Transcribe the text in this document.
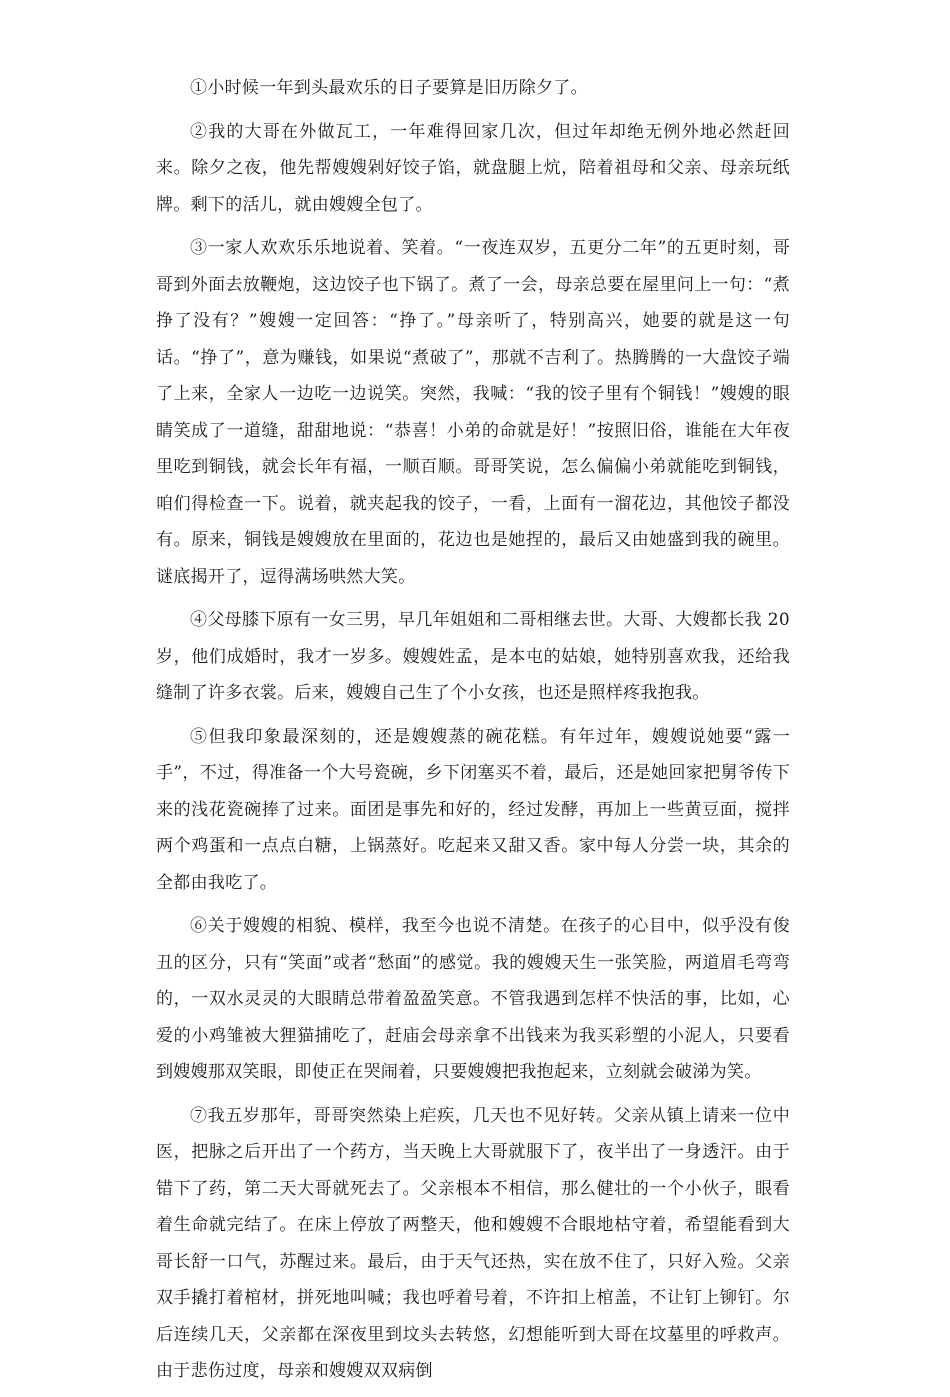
①小时候一年到头最欢乐的日子要算是旧历除夕了。

②我的大哥在外做瓦工，一年难得回家几次，但过年却绝无例外地必然赶回来。除夕之夜，他先帮嫂嫂剁好饺子馅，就盘腿上炕，陪着祖母和父亲、母亲玩纸牌。剩下的活儿，就由嫂嫂全包了。

③一家人欢欢乐乐地说着、笑着。“一夜连双岁，五更分二年”的五更时刻，哥哥到外面去放鞭炮，这边饺子也下锅了。煮了一会，母亲总要在屋里问上一句：“煮挣了没有？”嫂嫂一定回答：“挣了。”母亲听了，特别高兴，她要的就是这一句话。“挣了”，意为赚钱，如果说“煮破了”，那就不吉利了。热腾腾的一大盘饺子端了上来，全家人一边吃一边说笑。突然，我喊：“我的饺子里有个铜钱！”嫂嫂的眼睛笑成了一道缝，甜甜地说：“恭喜！小弟的命就是好！”按照旧俗，谁能在大年夜里吃到铜钱，就会长年有福，一顺百顺。哥哥笑说，怎么偏偏小弟就能吃到铜钱，咱们得检查一下。说着，就夹起我的饺子，一看，上面有一溜花边，其他饺子都没有。原来，铜钱是嫂嫂放在里面的，花边也是她捏的，最后又由她盛到我的碗里。谜底揭开了，逗得满场哄然大笑。

④父母膝下原有一女三男，早几年姐姐和二哥相继去世。大哥、大嫂都长我 20 岁，他们成婚时，我才一岁多。嫂嫂姓孟，是本屯的姑娘，她特别喜欢我，还给我缝制了许多衣裳。后来，嫂嫂自己生了个小女孩，也还是照样疼我抱我。

⑤但我印象最深刻的，还是嫂嫂蒸的碗花糕。有年过年，嫂嫂说她要“露一手”，不过，得准备一个大号瓷碗，乡下闭塞买不着，最后，还是她回家把舅爷传下来的浅花瓷碗捧了过来。面团是事先和好的，经过发酵，再加上一些黄豆面，搅拌两个鸡蛋和一点点白糖，上锅蒸好。吃起来又甜又香。家中每人分尝一块，其余的全都由我吃了。

⑥关于嫂嫂的相貌、模样，我至今也说不清楚。在孩子的心目中，似乎没有俊丑的区分，只有“笑面”或者“愁面”的感觉。我的嫂嫂天生一张笑脸，两道眉毛弯弯的，一双水灵灵的大眼睛总带着盈盈笑意。不管我遇到怎样不快活的事，比如，心爱的小鸡雏被大狸猫捕吃了，赶庙会母亲拿不出钱来为我买彩塑的小泥人，只要看到嫂嫂那双笑眼，即使正在哭闹着，只要嫂嫂把我抱起来，立刻就会破涕为笑。

⑦我五岁那年，哥哥突然染上疟疾，几天也不见好转。父亲从镇上请来一位中医，把脉之后开出了一个药方，当天晚上大哥就服下了，夜半出了一身透汗。由于错下了药，第二天大哥就死去了。父亲根本不相信，那么健壮的一个小伙子，眼看着生命就完结了。在床上停放了两整天，他和嫂嫂不合眼地枯守着，希望能看到大哥长舒一口气，苏醒过来。最后，由于天气还热，实在放不住了，只好入殓。父亲双手撬打着棺材，拼死地叫喊；我也呼着号着，不许扣上棺盖，不让钉上铆钉。尔后连续几天，父亲都在深夜里到坟头去转悠，幻想能听到大哥在坟墓里的呼救声。由于悲伤过度，母亲和嫂嫂双双病倒
